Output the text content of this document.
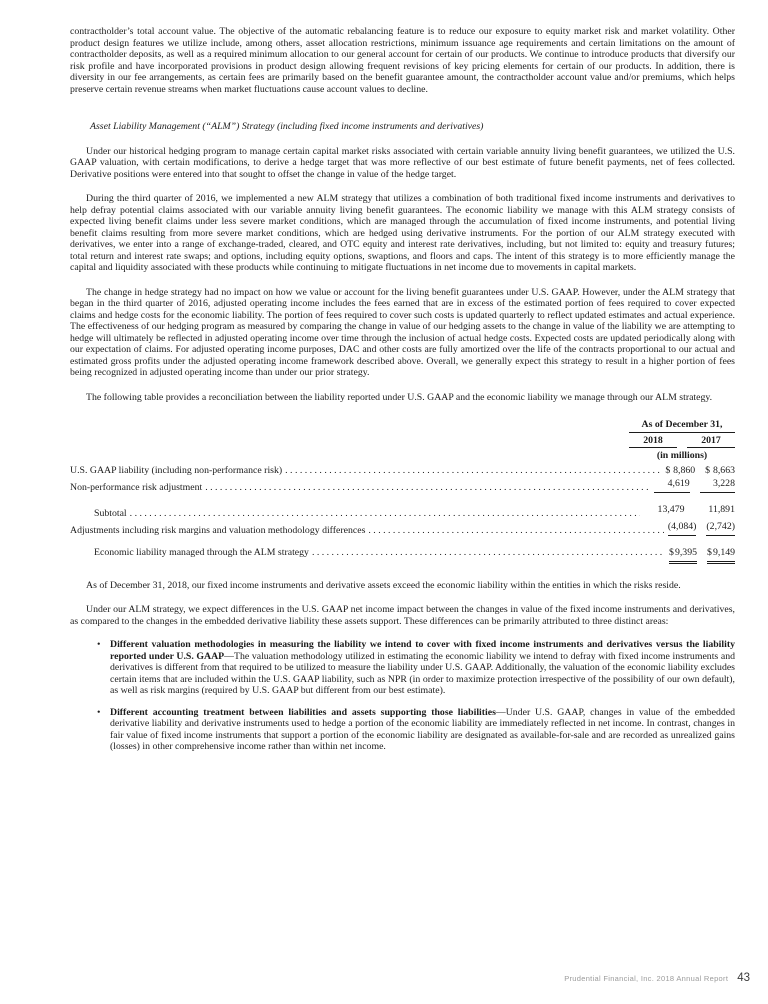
contractholder’s total account value. The objective of the automatic rebalancing feature is to reduce our exposure to equity market risk and market volatility. Other product design features we utilize include, among others, asset allocation restrictions, minimum issuance age requirements and certain limitations on the amount of contractholder deposits, as well as a required minimum allocation to our general account for certain of our products. We continue to introduce products that diversify our risk profile and have incorporated provisions in product design allowing frequent revisions of key pricing elements for certain of our products. In addition, there is diversity in our fee arrangements, as certain fees are primarily based on the benefit guarantee amount, the contractholder account value and/or premiums, which helps preserve certain revenue streams when market fluctuations cause account values to decline.

Asset Liability Management (“ALM”) Strategy (including fixed income instruments and derivatives)

Under our historical hedging program to manage certain capital market risks associated with certain variable annuity living benefit guarantees, we utilized the U.S. GAAP valuation, with certain modifications, to derive a hedge target that was more reflective of our best estimate of future benefit payments, net of fees collected. Derivative positions were entered into that sought to offset the change in value of the hedge target.

During the third quarter of 2016, we implemented a new ALM strategy that utilizes a combination of both traditional fixed income instruments and derivatives to help defray potential claims associated with our variable annuity living benefit guarantees. The economic liability we manage with this ALM strategy consists of expected living benefit claims under less severe market conditions, which are managed through the accumulation of fixed income instruments, and potential living benefit claims resulting from more severe market conditions, which are hedged using derivative instruments. For the portion of our ALM strategy executed with derivatives, we enter into a range of exchange-traded, cleared, and OTC equity and interest rate derivatives, including, but not limited to: equity and treasury futures; total return and interest rate swaps; and options, including equity options, swaptions, and floors and caps. The intent of this strategy is to more efficiently manage the capital and liquidity associated with these products while continuing to mitigate fluctuations in net income due to movements in capital markets.

The change in hedge strategy had no impact on how we value or account for the living benefit guarantees under U.S. GAAP. However, under the ALM strategy that began in the third quarter of 2016, adjusted operating income includes the fees earned that are in excess of the estimated portion of fees required to cover expected claims and hedge costs for the economic liability. The portion of fees required to cover such costs is updated quarterly to reflect updated estimates and actual experience. The effectiveness of our hedging program as measured by comparing the change in value of our hedging assets to the change in value of the liability we are attempting to hedge will ultimately be reflected in adjusted operating income over time through the inclusion of actual hedge costs. Expected costs are updated periodically along with our expectation of claims. For adjusted operating income purposes, DAC and other costs are fully amortized over the life of the contracts proportional to our actual and estimated gross profits under the adjusted operating income framework described above. Overall, we generally expect this strategy to result in a higher portion of fees being recognized in adjusted operating income than under our prior strategy.

The following table provides a reconciliation between the liability reported under U.S. GAAP and the economic liability we manage through our ALM strategy.

As of December 31,
2018	2017
(in millions)
U.S. GAAP liability (including non-performance risk) . . .	$ 8,860 $ 8,663
Non-performance risk adjustment . . .	4,619 3,228
Subtotal . . .	13,479 11,891
Adjustments including risk margins and valuation methodology differences . . .	(4,084) (2,742)
Economic liability managed through the ALM strategy . . .	$ 9,395 $ 9,149

As of December 31, 2018, our fixed income instruments and derivative assets exceed the economic liability within the entities in which the risks reside.

Under our ALM strategy, we expect differences in the U.S. GAAP net income impact between the changes in value of the fixed income instruments and derivatives, as compared to the changes in the embedded derivative liability these assets support. These differences can be primarily attributed to three distinct areas:

• Different valuation methodologies in measuring the liability we intend to cover with fixed income instruments and derivatives versus the liability reported under U.S. GAAP—The valuation methodology utilized in estimating the economic liability we intend to defray with fixed income instruments and derivatives is different from that required to be utilized to measure the liability under U.S. GAAP. Additionally, the valuation of the economic liability excludes certain items that are included within the U.S. GAAP liability, such as NPR (in order to maximize protection irrespective of the possibility of our own default), as well as risk margins (required by U.S. GAAP but different from our best estimate).
• Different accounting treatment between liabilities and assets supporting those liabilities—Under U.S. GAAP, changes in value of the embedded derivative liability and derivative instruments used to hedge a portion of the economic liability are immediately reflected in net income. In contrast, changes in fair value of fixed income instruments that support a portion of the economic liability are designated as available-for-sale and are recorded as unrealized gains (losses) in other comprehensive income rather than within net income.
Prudential Financial, Inc. 2018 Annual Report 43
